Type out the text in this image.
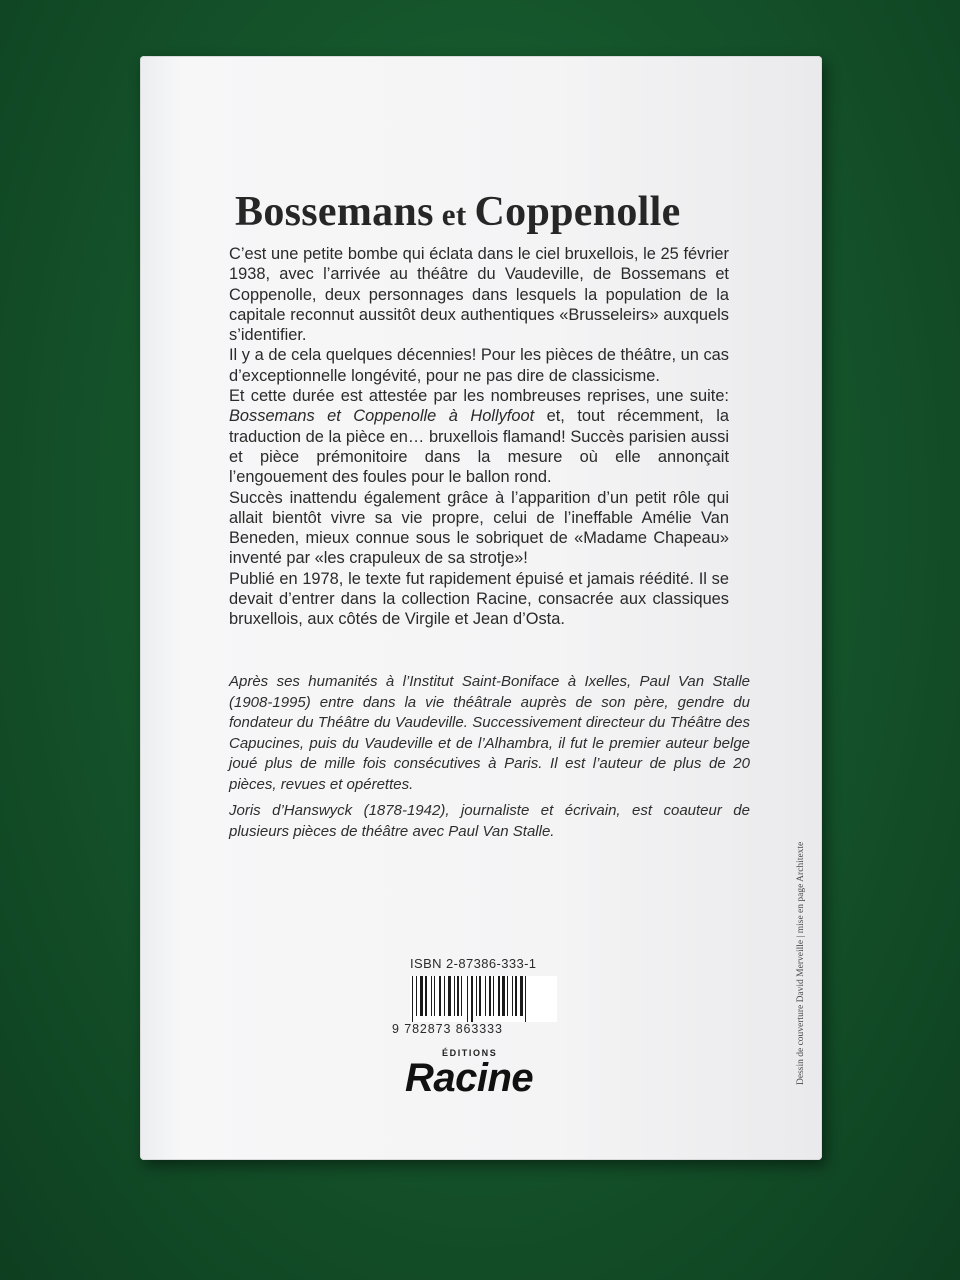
Bossemans et Coppenolle

C’est une petite bombe qui éclata dans le ciel bruxellois, le 25 février 1938, avec l’arrivée au théâtre du Vaudeville, de Bossemans et Coppenolle, deux personnages dans lesquels la population de la capitale reconnut aussitôt deux authentiques «Brusseleirs» auxquels s’identifier.

Il y a de cela quelques décennies! Pour les pièces de théâtre, un cas d’exceptionnelle longévité, pour ne pas dire de classicisme.

Et cette durée est attestée par les nombreuses reprises, une suite: Bossemans et Coppenolle à Hollyfoot et, tout récemment, la traduction de la pièce en… bruxellois flamand! Succès parisien aussi et pièce prémonitoire dans la mesure où elle annonçait l’engouement des foules pour le ballon rond.

Succès inattendu également grâce à l’apparition d’un petit rôle qui allait bientôt vivre sa vie propre, celui de l’ineffable Amélie Van Beneden, mieux connue sous le sobriquet de «Madame Chapeau» inventé par «les crapuleux de sa strotje»!

Publié en 1978, le texte fut rapidement épuisé et jamais réédité. Il se devait d’entrer dans la collection Racine, consacrée aux classiques bruxellois, aux côtés de Virgile et Jean d’Osta.

Après ses humanités à l’Institut Saint-Boniface à Ixelles, Paul Van Stalle (1908-1995) entre dans la vie théâtrale auprès de son père, gendre du fondateur du Théâtre du Vaudeville. Successivement directeur du Théâtre des Capucines, puis du Vaudeville et de l’Alhambra, il fut le premier auteur belge joué plus de mille fois consécutives à Paris. Il est l’auteur de plus de 20 pièces, revues et opérettes.

Joris d’Hanswyck (1878-1942), journaliste et écrivain, est coauteur de plusieurs pièces de théâtre avec Paul Van Stalle.

Dessin de couverture David Merveille | mise en page Architexte
ISBN 2-87386-333-1
9 782873 863333
ÉDITIONS
Racine
